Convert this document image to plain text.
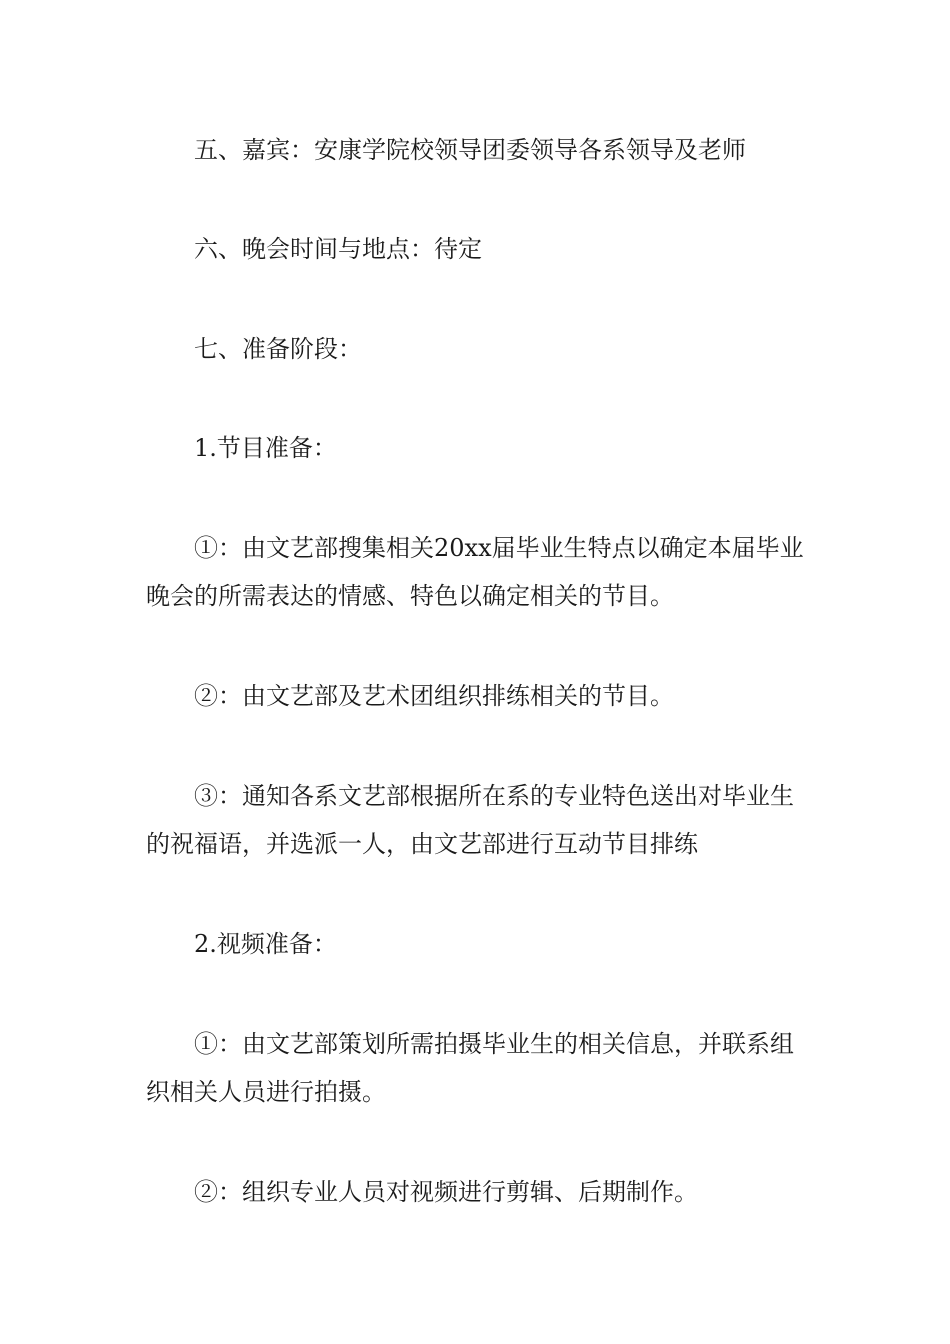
五、嘉宾：安康学院校领导团委领导各系领导及老师

六、晚会时间与地点：待定

七、准备阶段：

1.节目准备：

①：由文艺部搜集相关20xx届毕业生特点以确定本届毕业晚会的所需表达的情感、特色以确定相关的节目。

②：由文艺部及艺术团组织排练相关的节目。

③：通知各系文艺部根据所在系的专业特色送出对毕业生的祝福语，并选派一人，由文艺部进行互动节目排练

2.视频准备：

①：由文艺部策划所需拍摄毕业生的相关信息，并联系组织相关人员进行拍摄。

②：组织专业人员对视频进行剪辑、后期制作。
